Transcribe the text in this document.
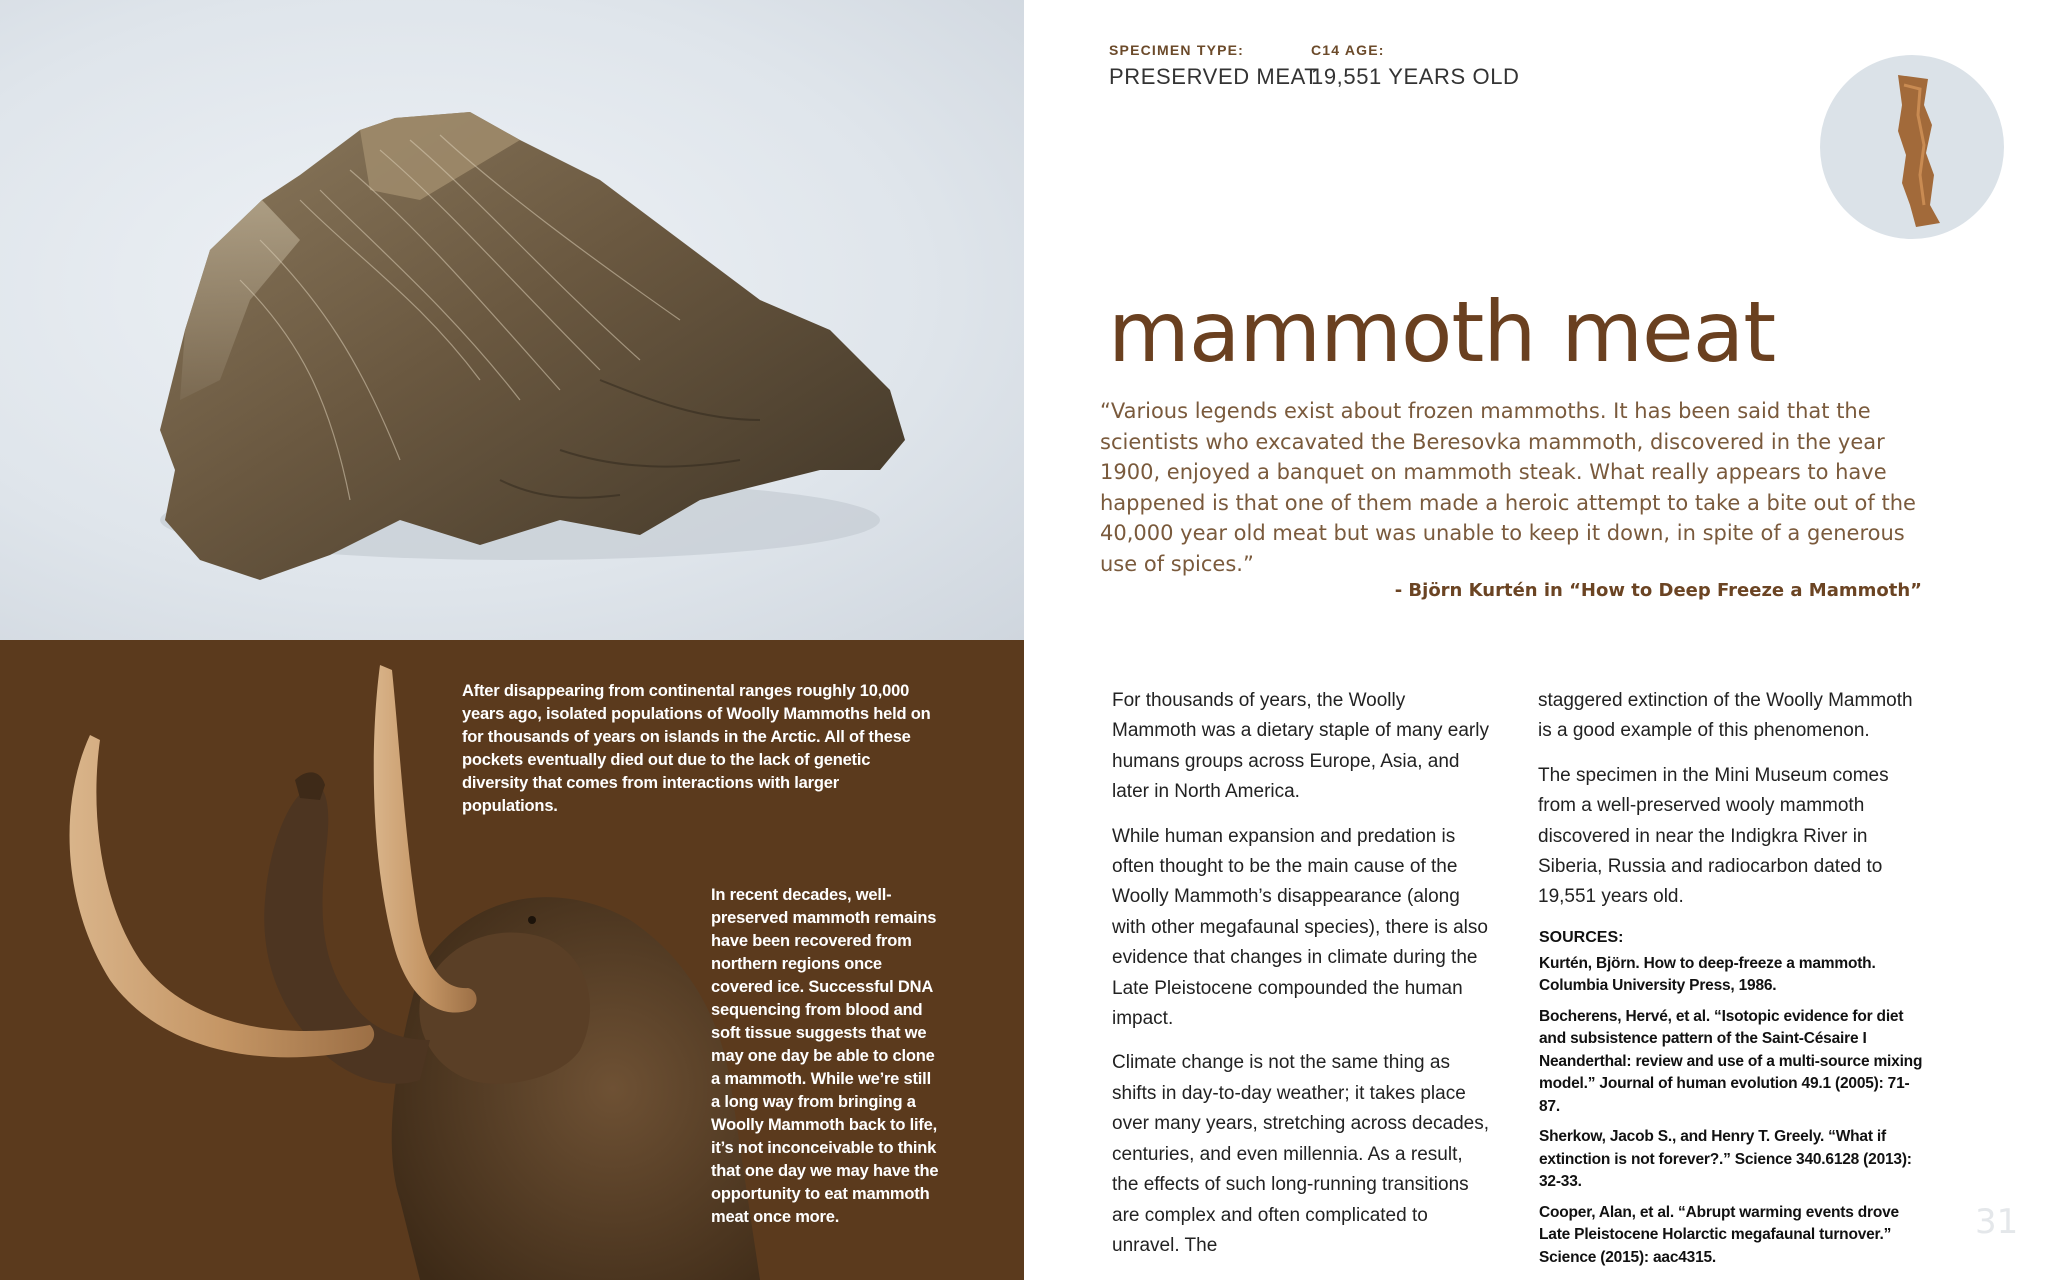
After disappearing from continental ranges roughly 10,000 years ago, isolated populations of Woolly Mammoths held on for thousands of years on islands in the Arctic. All of these pockets eventually died out due to the lack of genetic diversity that comes from interactions with larger populations.

In recent decades, well-preserved mammoth remains have been recovered from northern regions once covered ice. Successful DNA sequencing from blood and soft tissue suggests that we may one day be able to clone a mammoth. While we’re still a long way from bringing a Woolly Mammoth back to life, it’s not inconceivable to think that one day we may have the opportunity to eat mammoth meat once more.

SPECIMEN TYPE:
PRESERVED MEAT
C14 AGE:
19,551 YEARS OLD
mammoth meat

“Various legends exist about frozen mammoths. It has been said that the scientists who excavated the Beresovka mammoth, discovered in the year 1900, enjoyed a banquet on mammoth steak. What really appears to have happened is that one of them made a heroic attempt to take a bite out of the 40,000 year old meat but was unable to keep it down, in spite of a generous use of spices.”

- Björn Kurtén in “How to Deep Freeze a Mammoth”

For thousands of years, the Woolly Mammoth was a dietary staple of many early humans groups across Europe, Asia, and later in North America.

While human expansion and predation is often thought to be the main cause of the Woolly Mammoth’s disappearance (along with other megafaunal species), there is also evidence that changes in climate during the Late Pleistocene compounded the human impact.

Climate change is not the same thing as shifts in day-to-day weather; it takes place over many years, stretching across decades, centuries, and even millennia. As a result, the effects of such long-running transitions are complex and often complicated to unravel. The

staggered extinction of the Woolly Mammoth is a good example of this phenomenon.

The specimen in the Mini Museum comes from a well-preserved wooly mammoth discovered in near the Indigkra River in Siberia, Russia and radiocarbon dated to 19,551 years old.

SOURCES:
Kurtén, Björn. How to deep-freeze a mammoth. Columbia University Press, 1986.
Bocherens, Hervé, et al. “Isotopic evidence for diet and subsistence pattern of the Saint-Césaire I Neanderthal: review and use of a multi-source mixing model.” Journal of human evolution 49.1 (2005): 71-87.
Sherkow, Jacob S., and Henry T. Greely. “What if extinction is not forever?.” Science 340.6128 (2013): 32-33.
Cooper, Alan, et al. “Abrupt warming events drove Late Pleistocene Holarctic megafaunal turnover.” Science (2015): aac4315.
31
